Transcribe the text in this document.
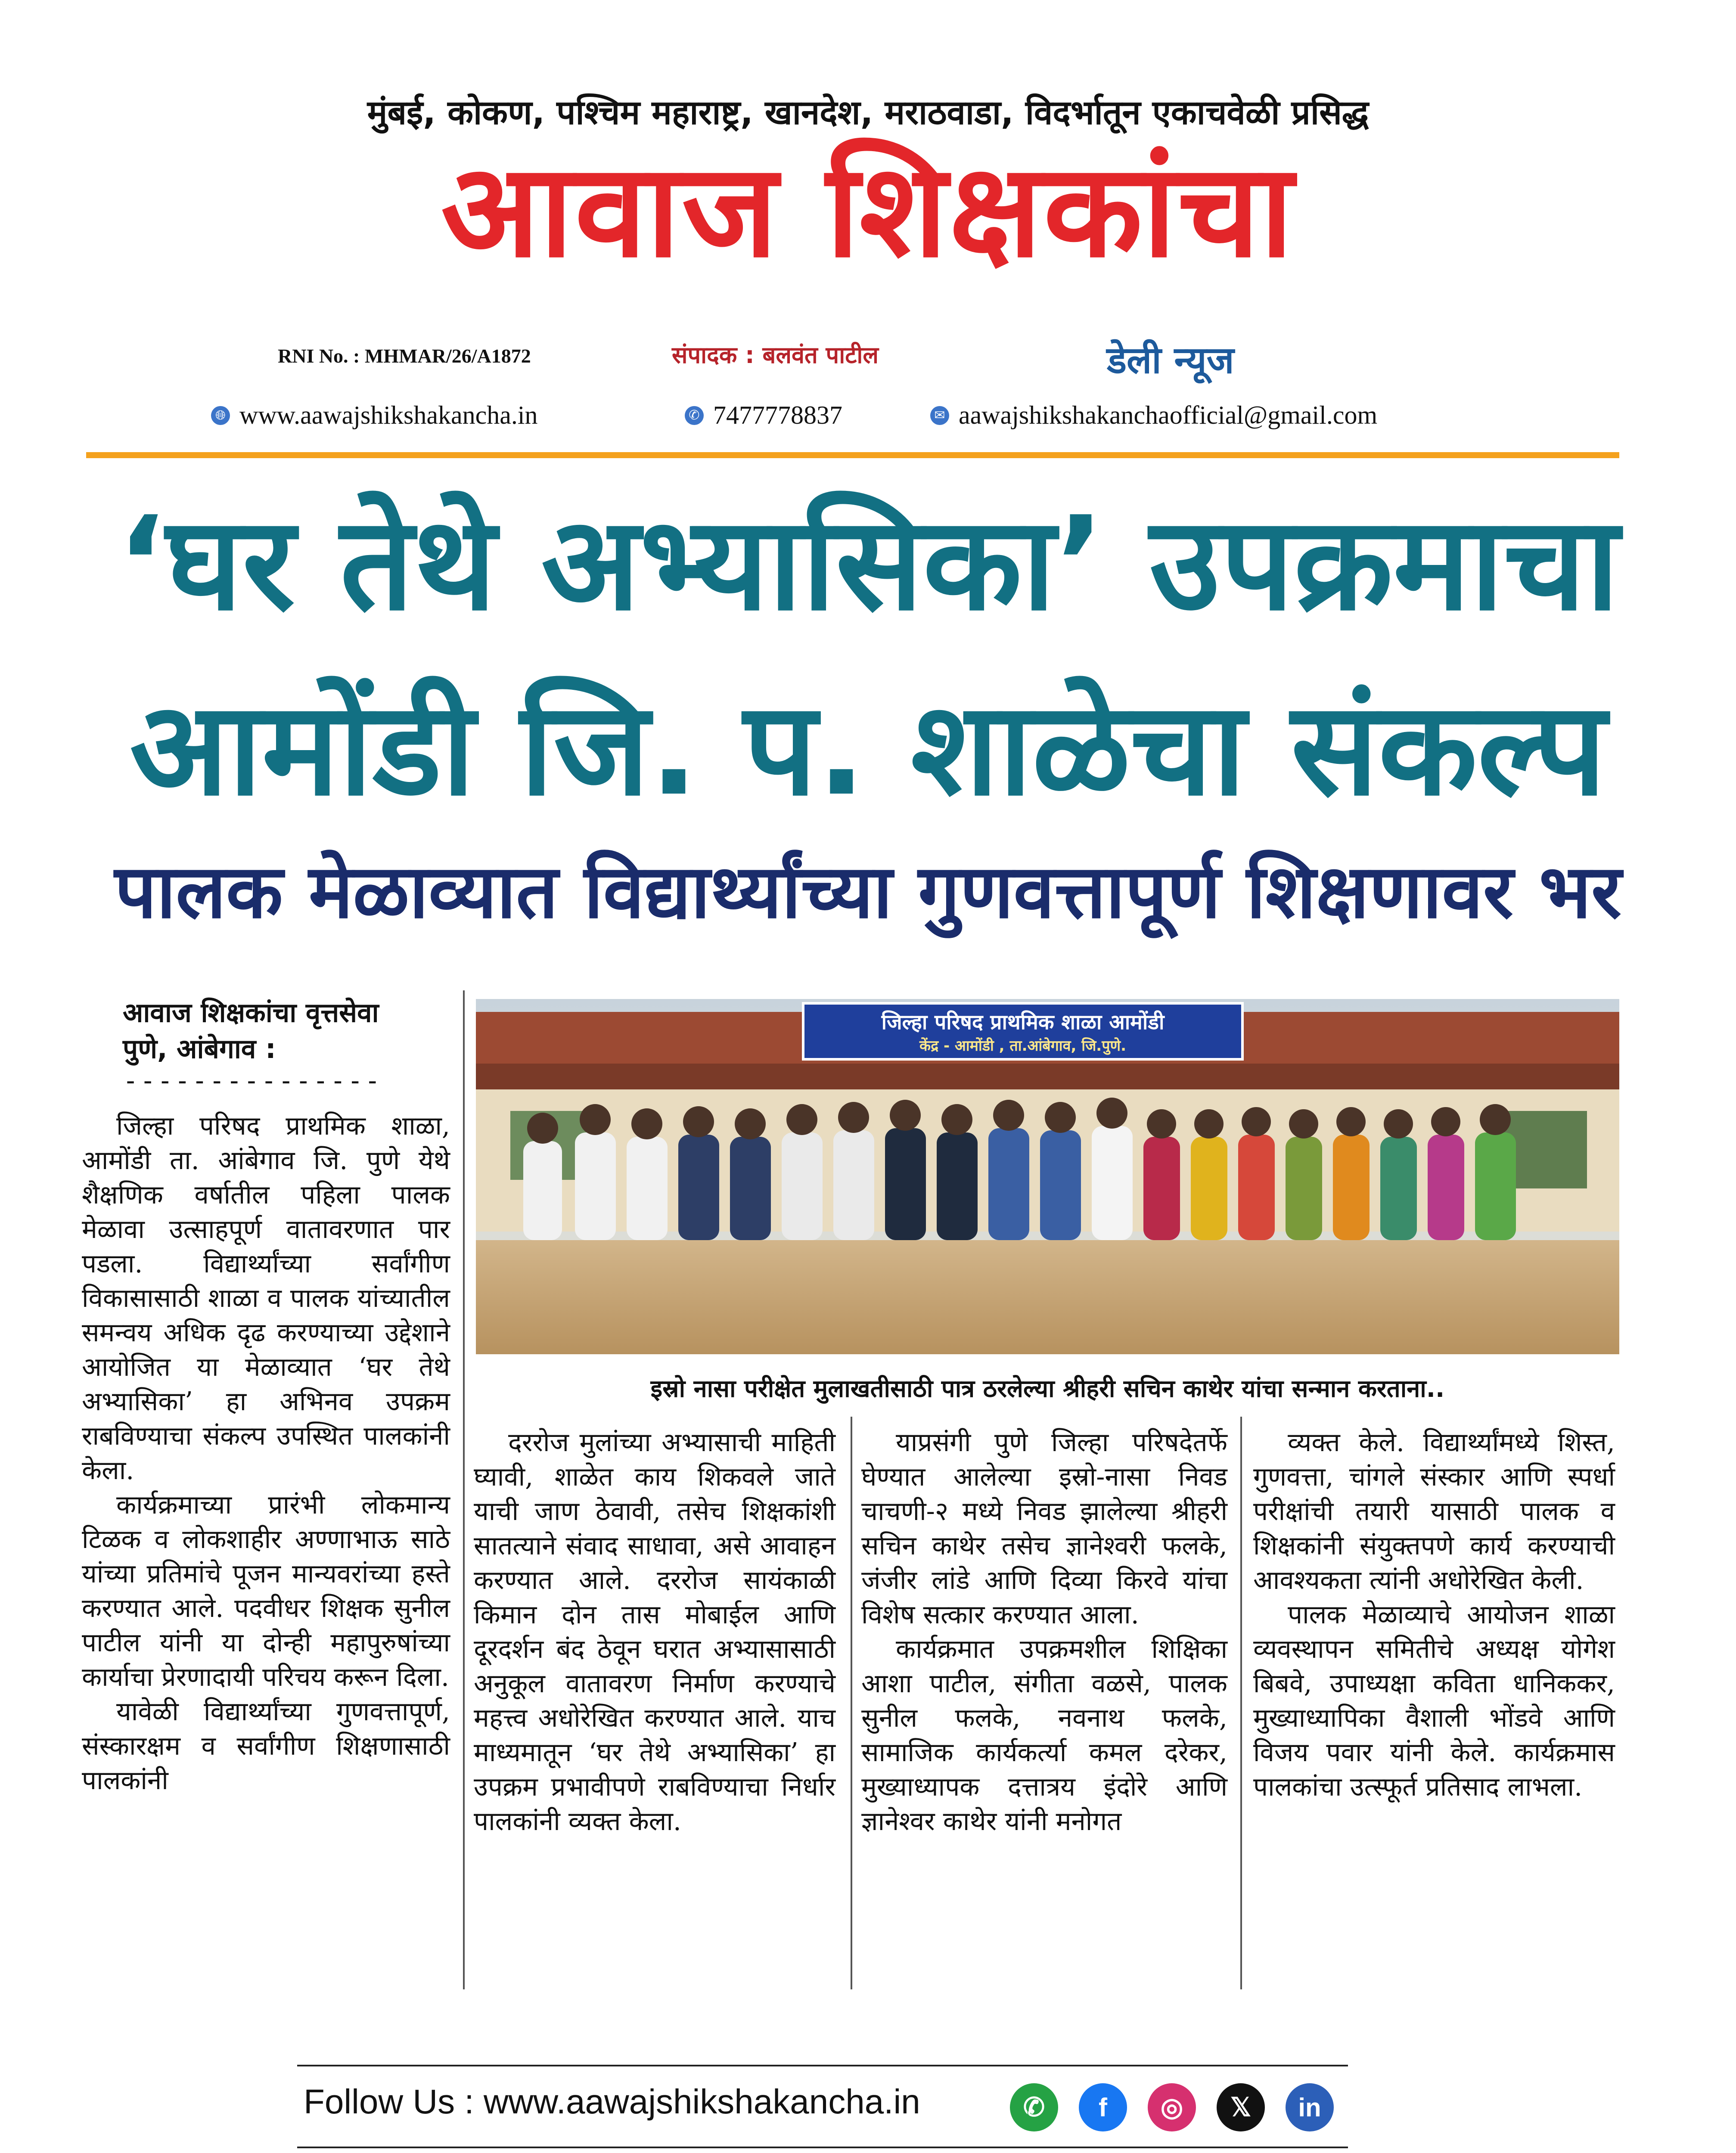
मुंबई, कोकण, पश्चिम महाराष्ट्र, खानदेश, मराठवाडा, विदर्भातून एकाचवेळी प्रसिद्ध
आवाज शिक्षकांचा
RNI No. : MHMAR/26/A1872	संपादक : बलवंत पाटील	डेली न्यूज
🌐︎ www.aawajshikshakancha.in	✆ 7477778837	✉ aawajshikshakanchaofficial@gmail.com
‘घर तेथे अभ्यासिका’ उपक्रमाचा
आमोंडी जि. प. शाळेचा संकल्प
पालक मेळाव्यात विद्यार्थ्यांच्या गुणवत्तापूर्ण शिक्षणावर भर
आवाज शिक्षकांचा वृत्तसेवा
पुणे, आंबेगाव :
---------------

जिल्हा परिषद प्राथमिक शाळा, आमोंडी ता. आंबेगाव जि. पुणे येथे शैक्षणिक वर्षातील पहिला पालक मेळावा उत्साहपूर्ण वातावरणात पार पडला. विद्यार्थ्यांच्या सर्वांगीण विकासासाठी शाळा व पालक यांच्यातील समन्वय अधिक दृढ करण्याच्या उद्देशाने आयोजित या मेळाव्यात ‘घर तेथे अभ्यासिका’ हा अभिनव उपक्रम राबविण्याचा संकल्प उपस्थित पालकांनी केला.

कार्यक्रमाच्या प्रारंभी लोकमान्य टिळक व लोकशाहीर अण्णाभाऊ साठे यांच्या प्रतिमांचे पूजन मान्यवरांच्या हस्ते करण्यात आले. पदवीधर शिक्षक सुनील पाटील यांनी या दोन्ही महापुरुषांच्या कार्याचा प्रेरणादायी परिचय करून दिला.

यावेळी विद्यार्थ्यांच्या गुणवत्तापूर्ण, संस्कारक्षम व सर्वांगीण शिक्षणासाठी पालकांनी

जिल्हा परिषद प्राथमिक शाळा आमोंडी
केंद्र - आमोंडी , ता.आंबेगाव, जि.पुणे.
इस्रो नासा परीक्षेत मुलाखतीसाठी पात्र ठरलेल्या श्रीहरी सचिन काथेर यांचा सन्मान करताना..

दररोज मुलांच्या अभ्यासाची माहिती घ्यावी, शाळेत काय शिकवले जाते याची जाण ठेवावी, तसेच शिक्षकांशी सातत्याने संवाद साधावा, असे आवाहन करण्यात आले. दररोज सायंकाळी किमान दोन तास मोबाईल आणि दूरदर्शन बंद ठेवून घरात अभ्यासासाठी अनुकूल वातावरण निर्माण करण्याचे महत्त्व अधोरेखित करण्यात आले. याच माध्यमातून ‘घर तेथे अभ्यासिका’ हा उपक्रम प्रभावीपणे राबविण्याचा निर्धार पालकांनी व्यक्त केला.

याप्रसंगी पुणे जिल्हा परिषदेतर्फे घेण्यात आलेल्या इस्रो-नासा निवड चाचणी-२ मध्ये निवड झालेल्या श्रीहरी सचिन काथेर तसेच ज्ञानेश्वरी फलके, जंजीर लांडे आणि दिव्या किरवे यांचा विशेष सत्कार करण्यात आला.

कार्यक्रमात उपक्रमशील शिक्षिका आशा पाटील, संगीता वळसे, पालक सुनील फलके, नवनाथ फलके, सामाजिक कार्यकर्त्या कमल दरेकर, मुख्याध्यापक दत्तात्रय इंदोरे आणि ज्ञानेश्वर काथेर यांनी मनोगत

व्यक्त केले. विद्यार्थ्यांमध्ये शिस्त, गुणवत्ता, चांगले संस्कार आणि स्पर्धा परीक्षांची तयारी यासाठी पालक व शिक्षकांनी संयुक्तपणे कार्य करण्याची आवश्यकता त्यांनी अधोरेखित केली.

पालक मेळाव्याचे आयोजन शाळा व्यवस्थापन समितीचे अध्यक्ष योगेश बिबवे, उपाध्यक्षा कविता धानिककर, मुख्याध्यापिका वैशाली भोंडवे आणि विजय पवार यांनी केले. कार्यक्रमास पालकांचा उत्स्फूर्त प्रतिसाद लाभला.

Follow Us : www.aawajshikshakancha.in	✆	f	◎	𝕏	in
